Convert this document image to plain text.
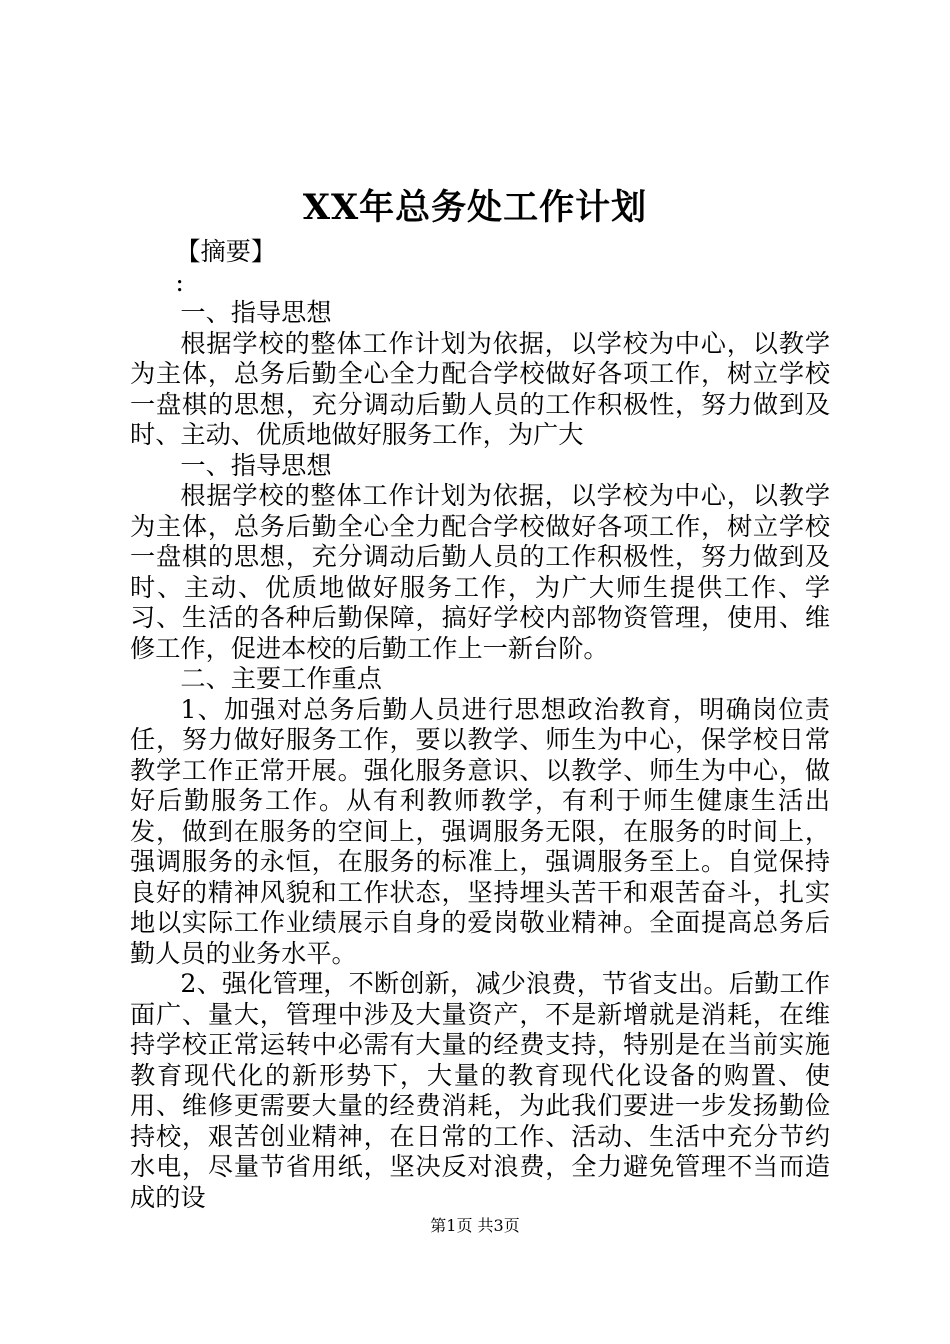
XX年总务处工作计划

【摘要】

:

一、指导思想

根据学校的整体工作计划为依据，以学校为中心，以教学为主体，总务后勤全心全力配合学校做好各项工作，树立学校一盘棋的思想，充分调动后勤人员的工作积极性，努力做到及时、主动、优质地做好服务工作，为广大

一、指导思想

根据学校的整体工作计划为依据，以学校为中心，以教学为主体，总务后勤全心全力配合学校做好各项工作，树立学校一盘棋的思想，充分调动后勤人员的工作积极性，努力做到及时、主动、优质地做好服务工作，为广大师生提供工作、学习、生活的各种后勤保障，搞好学校内部物资管理，使用、维修工作，促进本校的后勤工作上一新台阶。

二、主要工作重点

1、加强对总务后勤人员进行思想政治教育，明确岗位责任，努力做好服务工作，要以教学、师生为中心，保学校日常教学工作正常开展。强化服务意识、以教学、师生为中心，做好后勤服务工作。从有利教师教学，有利于师生健康生活出发，做到在服务的空间上，强调服务无限，在服务的时间上，强调服务的永恒，在服务的标准上，强调服务至上。自觉保持良好的精神风貌和工作状态，坚持埋头苦干和艰苦奋斗，扎实地以实际工作业绩展示自身的爱岗敬业精神。全面提高总务后勤人员的业务水平。

2、强化管理，不断创新，减少浪费，节省支出。后勤工作面广、量大，管理中涉及大量资产，不是新增就是消耗，在维持学校正常运转中必需有大量的经费支持，特别是在当前实施教育现代化的新形势下，大量的教育现代化设备的购置、使用、维修更需要大量的经费消耗，为此我们要进一步发扬勤俭持校，艰苦创业精神，在日常的工作、活动、生活中充分节约水电，尽量节省用纸，坚决反对浪费，全力避免管理不当而造成的设

第1页 共3页
